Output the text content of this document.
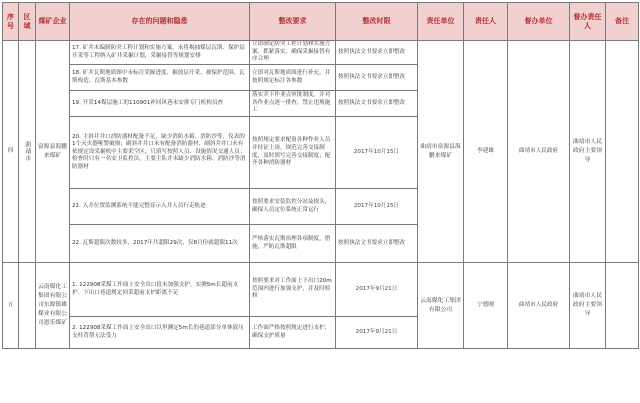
序号	区域	煤矿企业	存在的问题和隐患	整改要求	整改时限	责任单位	责任人	督办单位	督办责任人	备注
四	曲靖市	富源县海鹏来煤矿	17. 矿井未编制防突工程计划和实施方案，未将揭抽煤层瓦斯、保护层开采等工程纳入矿井采掘计划，采掘接替等规划安排	立即制定防突工程计划和实施方案，抓紧落实，确保采掘接替有序合理	按照执法文书要求立即整改	曲靖市富源县海鹏来煤矿	李建雄	曲靖市人民政府	曲靖市人民政府主要领导	
			18. 矿井瓦斯地质图中未标注采掘进度、掘放层开采、被保护范围、瓦斯构造、瓦斯基本参数	立即对瓦斯地质图进行补充，并按照规定标注各参数	按照执法文书要求立即整改					
			19. 开采14煤层施工的110901补回风巷未安排专门机构员查	落实并下作业点审批制度，并对各作业点逐一排查，禁止违规施工	按照执法文书要求立即整改					
			20. 主斜井井口消防器材配备不足，缺少消防水箱、消防沙等，仪表的1个灭火器哑警破损；副斜井井口未有配备消防器材，副斜井井口未有依规定设采掘机中主要采空区，只填写按照人员、设施情况交通人员；检查时只有一名安卫监控员，主要主队井未缺少消防水箱、消防沙等消防器材	按照规定要求配备各种作业人员并持证上岗，规范完善交接制度，及时填写完善交接制度；配齐各种消防器材	2017年10月15日					
			21. 入井位置监测系统不能完整显示入井人员行走轨迹	按照要求安装监控分站及探头，确保人员定位系统正常运行	2017年10月15日					
			22. 瓦斯超限次数较多，2017年共超限29次，仅8月份就超限11次	严格落实瓦斯治理各项制度，措施，严防瓦斯超限	按照执法文书要求立即整改					
五		云南煤化工集团有限公司东源镇雄煤业有限公司恩乐煤矿	1. 122908采煤工作面上安全出口段未加强支护，实测5m长超前支护、下出口巷道规定回采超前支护距离不足	按照要求对工作面上下出口20m范围内进行加强支护，并及时检修	2017年9月21日	云南煤化工集团有限公司	宁德刚	曲靖市人民政府	曲靖市人民政府主要领导	
			2. 122908采煤工作面上安全出口以里测定5m长的巷道部分单体液压支柱背帮无法受力	工作面严格按照规定进行支护，确保支护质量	2017年9月21日					
